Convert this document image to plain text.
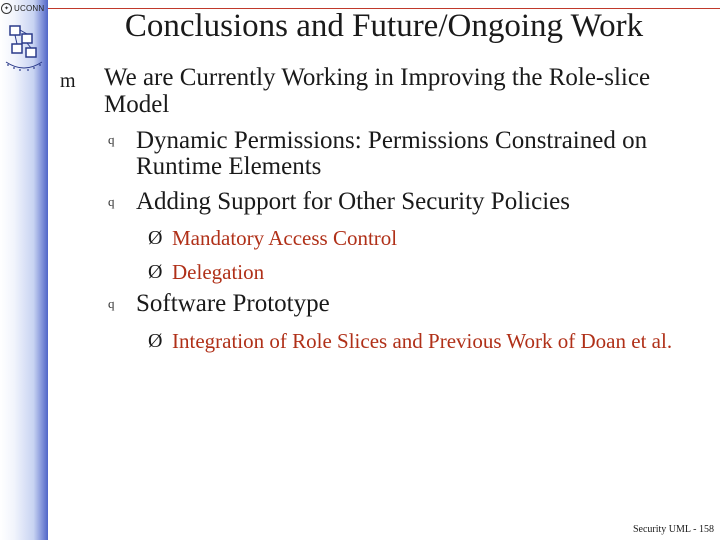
✦ UCONN	Conclusions and Future/Ongoing Work
m We are Currently Working in Improving the Role-slice Model
q Dynamic Permissions: Permissions Constrained on Runtime Elements
q Adding Support for Other Security Policies
Ø Mandatory Access Control
Ø Delegation
q Software Prototype
Ø Integration of Role Slices and Previous Work of Doan et al.
Security UML - 158
